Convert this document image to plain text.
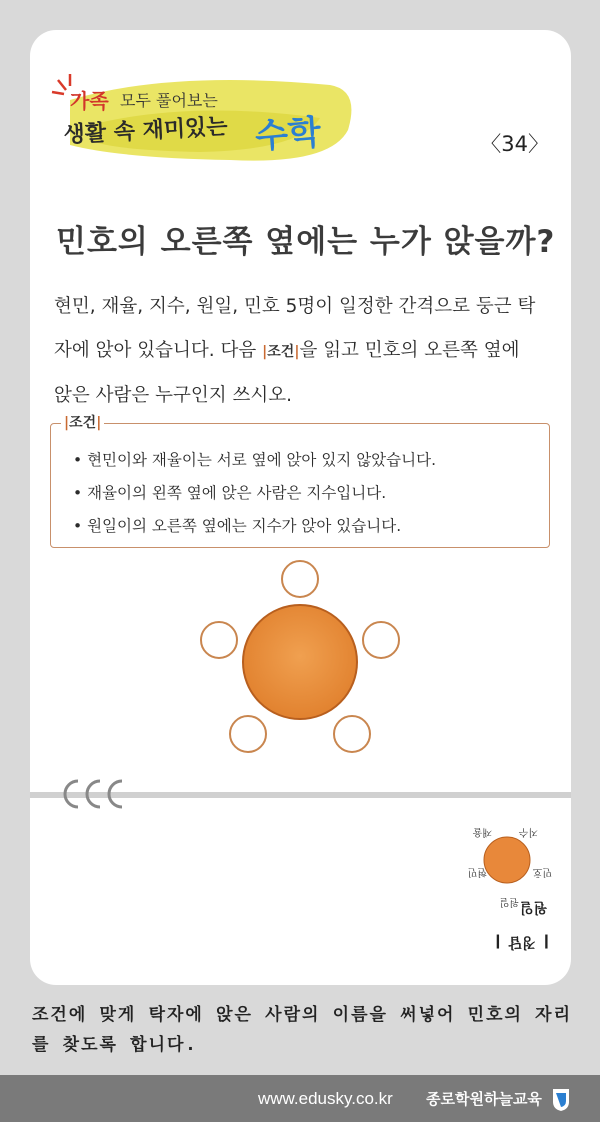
가족 모두 풀어보는
생활 속 재미있는 수학	〈34〉
민호의 오른쪽 옆에는 누가 앉을까?
현민, 재율, 지수, 원일, 민호 5명이 일정한 간격으로 둥근 탁
자에 앉아 있습니다. 다음 |조건|을 읽고 민호의 오른쪽 옆에
앉은 사람은 누구인지 쓰시오.
|조건|
• 현민이와 재율이는 서로 옆에 앉아 있지 않았습니다.
• 재율이의 왼쪽 옆에 앉은 사람은 지수입니다.
• 원일이의 오른쪽 옆에는 지수가 앉아 있습니다.
재율	지수
현민	민호
원일 원일
❙ 정답 ❙
조건에 맞게 탁자에 앉은 사람의 이름을 써넣어 민호의 자리를 찾도록 합니다.
www.edusky.co.kr 종로학원하늘교육
